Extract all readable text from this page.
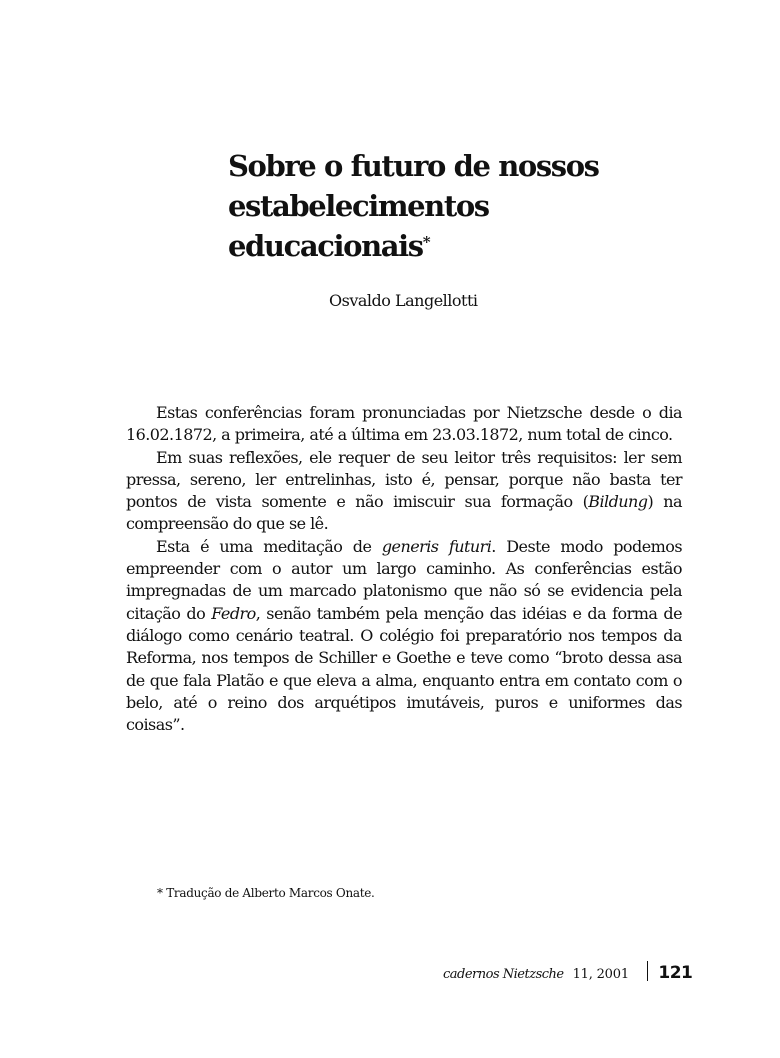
Sobre o futuro de nossos
estabelecimentos
educacionais*

Osvaldo Langellotti

Estas conferências foram pronunciadas por Nietzsche desde o dia 16.02.1872, a primeira, até a última em 23.03.1872, num total de cinco.

Em suas reflexões, ele requer de seu leitor três requisitos: ler sem pressa, sereno, ler entrelinhas, isto é, pensar, porque não basta ter pontos de vista somente e não imiscuir sua formação (Bildung) na compreensão do que se lê.

Esta é uma meditação de generis futuri. Deste modo podemos empreender com o autor um largo caminho. As conferências estão impregnadas de um marcado platonismo que não só se evidencia pela citação do Fedro, senão também pela menção das idéias e da forma de diálogo como cenário teatral. O colégio foi preparatório nos tempos da Reforma, nos tempos de Schiller e Goethe e teve como “broto dessa asa de que fala Platão e que eleva a alma, enquanto entra em contato com o belo, até o reino dos arquétipos imutáveis, puros e uniformes das coisas”.

* Tradução de Alberto Marcos Onate.

cadernos Nietzsche 11, 2001 121
